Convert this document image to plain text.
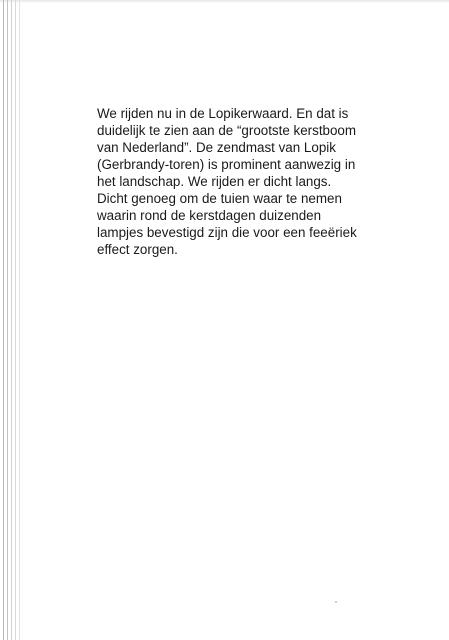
We rijden nu in de Lopikerwaard. En dat is
duidelijk te zien aan de “grootste kerstboom
van Nederland”. De zendmast van Lopik
(Gerbrandy-toren) is prominent aanwezig in
het landschap. We rijden er dicht langs.
Dicht genoeg om de tuien waar te nemen
waarin rond de kerstdagen duizenden
lampjes bevestigd zijn die voor een feeëriek
effect zorgen.
